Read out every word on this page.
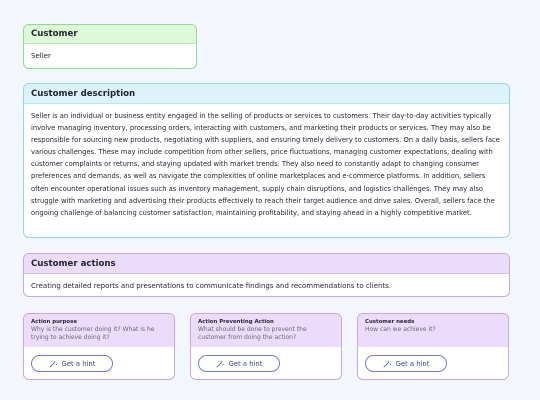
Customer
Seller
Customer description
Seller is an individual or business entity engaged in the selling of products or services to customers. Their day-to-day activities typically involve managing inventory, processing orders, interacting with customers, and marketing their products or services. They may also be responsible for sourcing new products, negotiating with suppliers, and ensuring timely delivery to customers. On a daily basis, sellers face various challenges. These may include competition from other sellers, price fluctuations, managing customer expectations, dealing with customer complaints or returns, and staying updated with market trends. They also need to constantly adapt to changing consumer preferences and demands, as well as navigate the complexities of online marketplaces and e-commerce platforms. In addition, sellers often encounter operational issues such as inventory management, supply chain disruptions, and logistics challenges. They may also struggle with marketing and advertising their products effectively to reach their target audience and drive sales. Overall, sellers face the ongoing challenge of balancing customer satisfaction, maintaining profitability, and staying ahead in a highly competitive market.
Customer actions
Creating detailed reports and presentations to communicate findings and recommendations to clients.
Action purpose
Why is the customer doing it? What is he trying to achieve doing it?
Get a hint
Action Preventing Action
What should be done to prevent the customer from doing the action?
Get a hint
Customer needs
How can we achieve it?
Get a hint
